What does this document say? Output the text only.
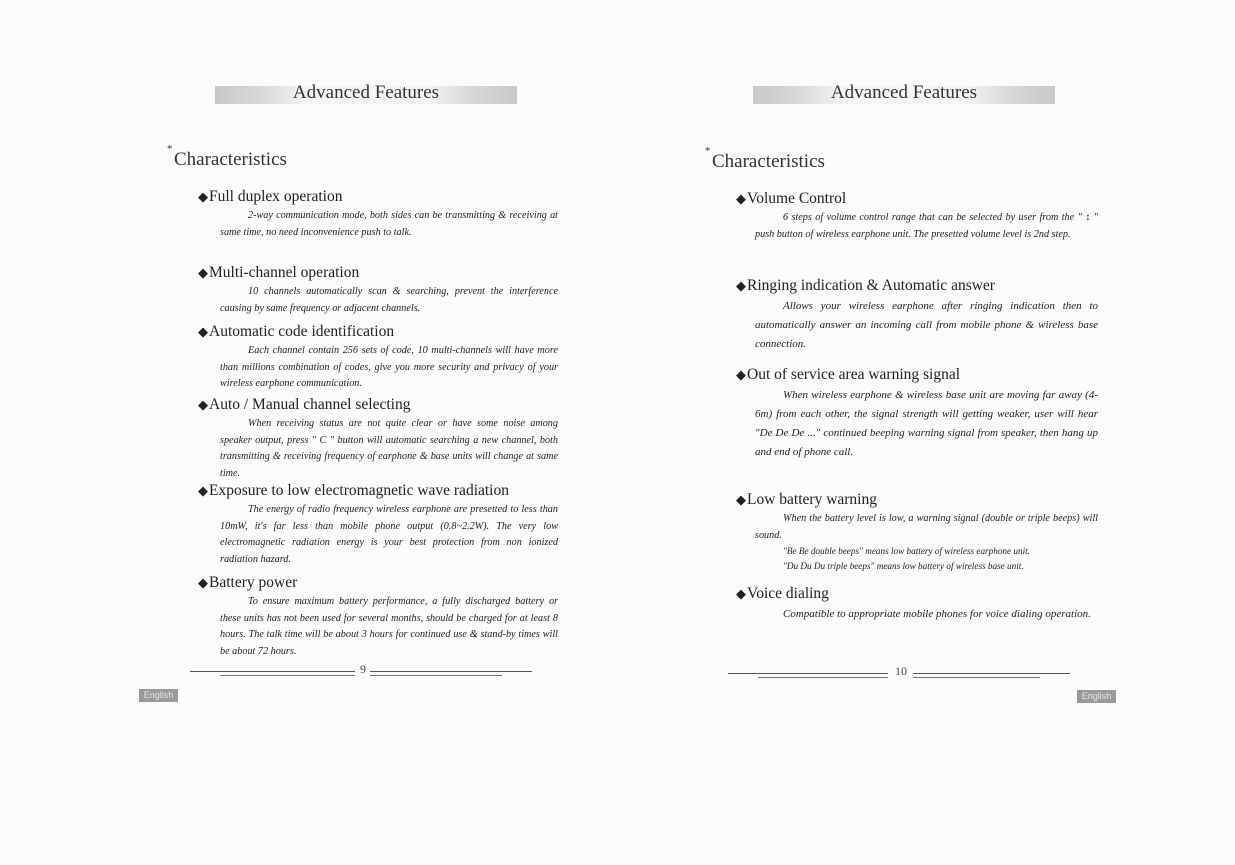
Advanced Features
* Characteristics
◆Full duplex operation

2-way communication mode, both sides can be transmitting & receiving at same time, no need inconvenience push to talk.

◆Multi-channel operation

10 channels automatically scan & searching, prevent the interference causing by same frequency or adjacent channels.

◆Automatic code identification

Each channel contain 256 sets of code, 10 multi-channels will have more than millions combination of codes, give you more security and privacy of your wireless earphone communication.

◆Auto / Manual channel selecting

When receiving status are not quite clear or have some noise among speaker output, press " C " button will automatic searching a new channel, both transmitting & receiving frequency of earphone & base units will change at same time.

◆Exposure to low electromagnetic wave radiation

The energy of radio frequency wireless earphone are presetted to less than 10mW, it's far less than mobile phone output (0.8~2.2W). The very low electromagnetic radiation energy is your best protection from non ionized radiation hazard.

◆Battery power

To ensure maximum battery performance, a fully discharged battery or these units has not been used for several months, should be charged for at least 8 hours. The talk time will be about 3 hours for continued use & stand-by times will be about 72 hours.

9
English
Advanced Features
* Characteristics
◆Volume Control

6 steps of volume control range that can be selected by user from the " ↕ " push button of wireless earphone unit. The presetted volume level is 2nd step.

◆Ringing indication & Automatic answer

Allows your wireless earphone after ringing indication then to automatically answer an incoming call from mobile phone & wireless base connection.

◆Out of service area warning signal

When wireless earphone & wireless base unit are moving far away (4-6m) from each other, the signal strength will getting weaker, user will hear "De De De ..." continued beeping warning signal from speaker, then hang up and end of phone call.

◆Low battery warning

When the battery level is low, a warning signal (double or triple beeps) will sound.

"Be Be double beeps" means low battery of wireless earphone unit.

"Du Du Du triple beeps" means low battery of wireless base unit.

◆Voice dialing

Compatible to appropriate mobile phones for voice dialing operation.

10
English
